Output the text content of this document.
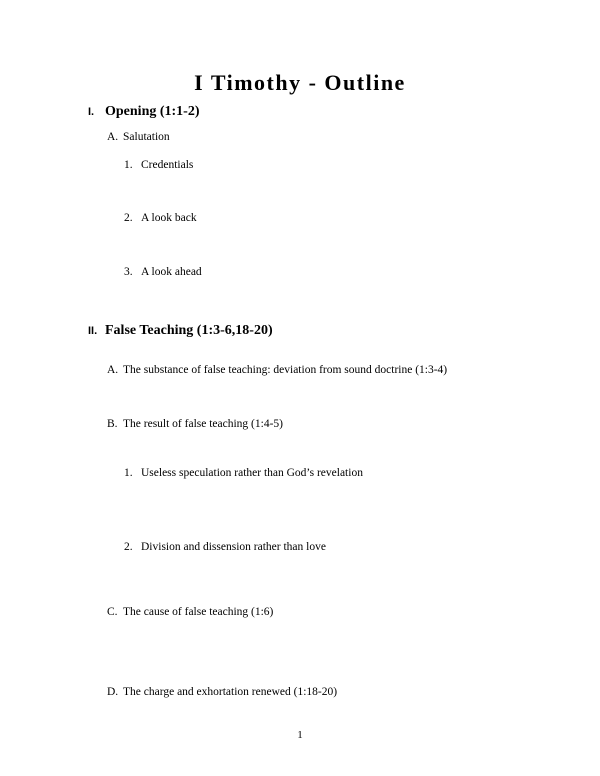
I Timothy - Outline
I. Opening (1:1-2)
A. Salutation
1. Credentials
2. A look back
3. A look ahead
II. False Teaching (1:3-6,18-20)
A. The substance of false teaching: deviation from sound doctrine (1:3-4)
B. The result of false teaching (1:4-5)
1. Useless speculation rather than God’s revelation
2. Division and dissension rather than love
C. The cause of false teaching (1:6)
D. The charge and exhortation renewed (1:18-20)
1
